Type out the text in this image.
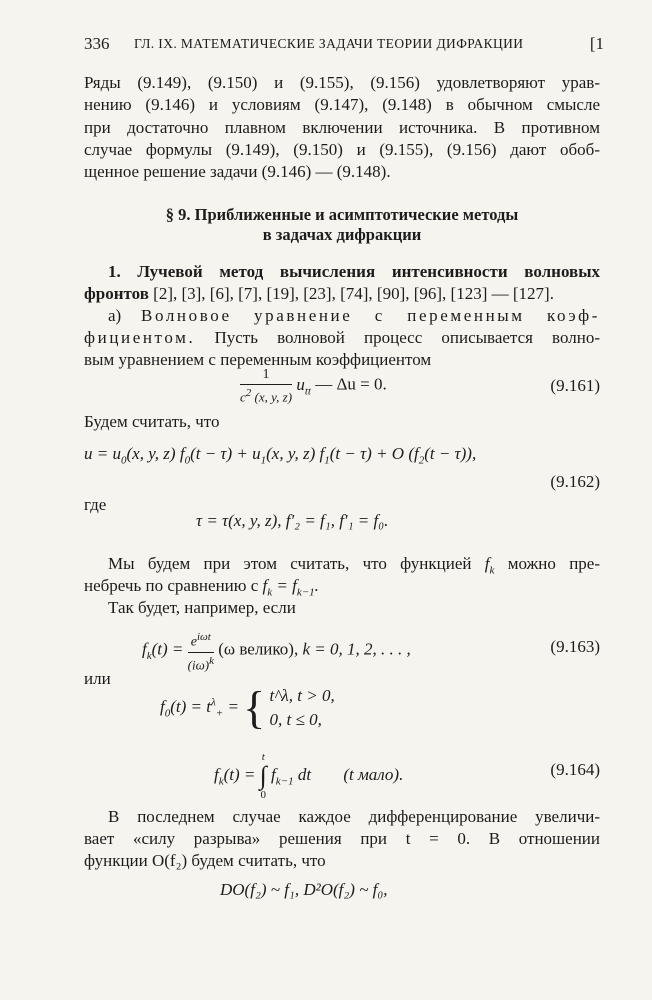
336 ГЛ. IX. МАТЕМАТИЧЕСКИЕ ЗАДАЧИ ТЕОРИИ ДИФРАКЦИИ	[1

Ряды (9.149), (9.150) и (9.155), (9.156) удовлетворяют урав-

нению (9.146) и условиям (9.147), (9.148) в обычном смысле

при достаточно плавном включении источника. В противном

случае формулы (9.149), (9.150) и (9.155), (9.156) дают обоб-

щенное решение задачи (9.146) — (9.148).

§ 9. Приближенные и асимптотические методы
в задачах дифракции

1. Лучевой метод вычисления интенсивности волновых

фронтов [2], [3], [6], [7], [19], [23], [74], [90], [96], [123] — [127].

а) Волновое уравнение с переменным коэф-

фициентом. Пусть волновой процесс описывается волно-

вым уравнением с переменным коэффициентом

$\frac{1}{c^2 (x, y, z)} u_{tt}$ — Δu = 0.	(9.161)

Будем считать, что

$u = u_0(x$, y, z) $f_0(t - \tau) + u_1(x$, y, z) $f_1(t - \tau) + O$ $(f_2(t - \tau))$,
(9.162)

где

τ = τ(x, y, z), f′₂ = f₁, f′₁ = f₀.

Мы будем при этом считать, что функцией $f_k$ можно пре-

небречь по сравнению с $f_k = f_{k-1}$.

Так будет, например, если

$f_k(t) = \frac{e^{i\omega t}}{(i\omega)^k} (\omega$ велико), k = 0, 1, 2, . . . ,	(9.163)

или

$f_0(t) = t^\lambda_+$ = { t^λ, t > 0,
0, t ≤ 0,
$f_k(t)$ =
t
∫
0
$f_{k-1}$ dt (t мало).	(9.164)

В последнем случае каждое дифференцирование увеличи-

вает «силу разрыва» решения при t = 0. В отношении

функции O(f₂) будем считать, что

DO(f₂) ~ f₁, D²O(f₂) ~ f₀,
